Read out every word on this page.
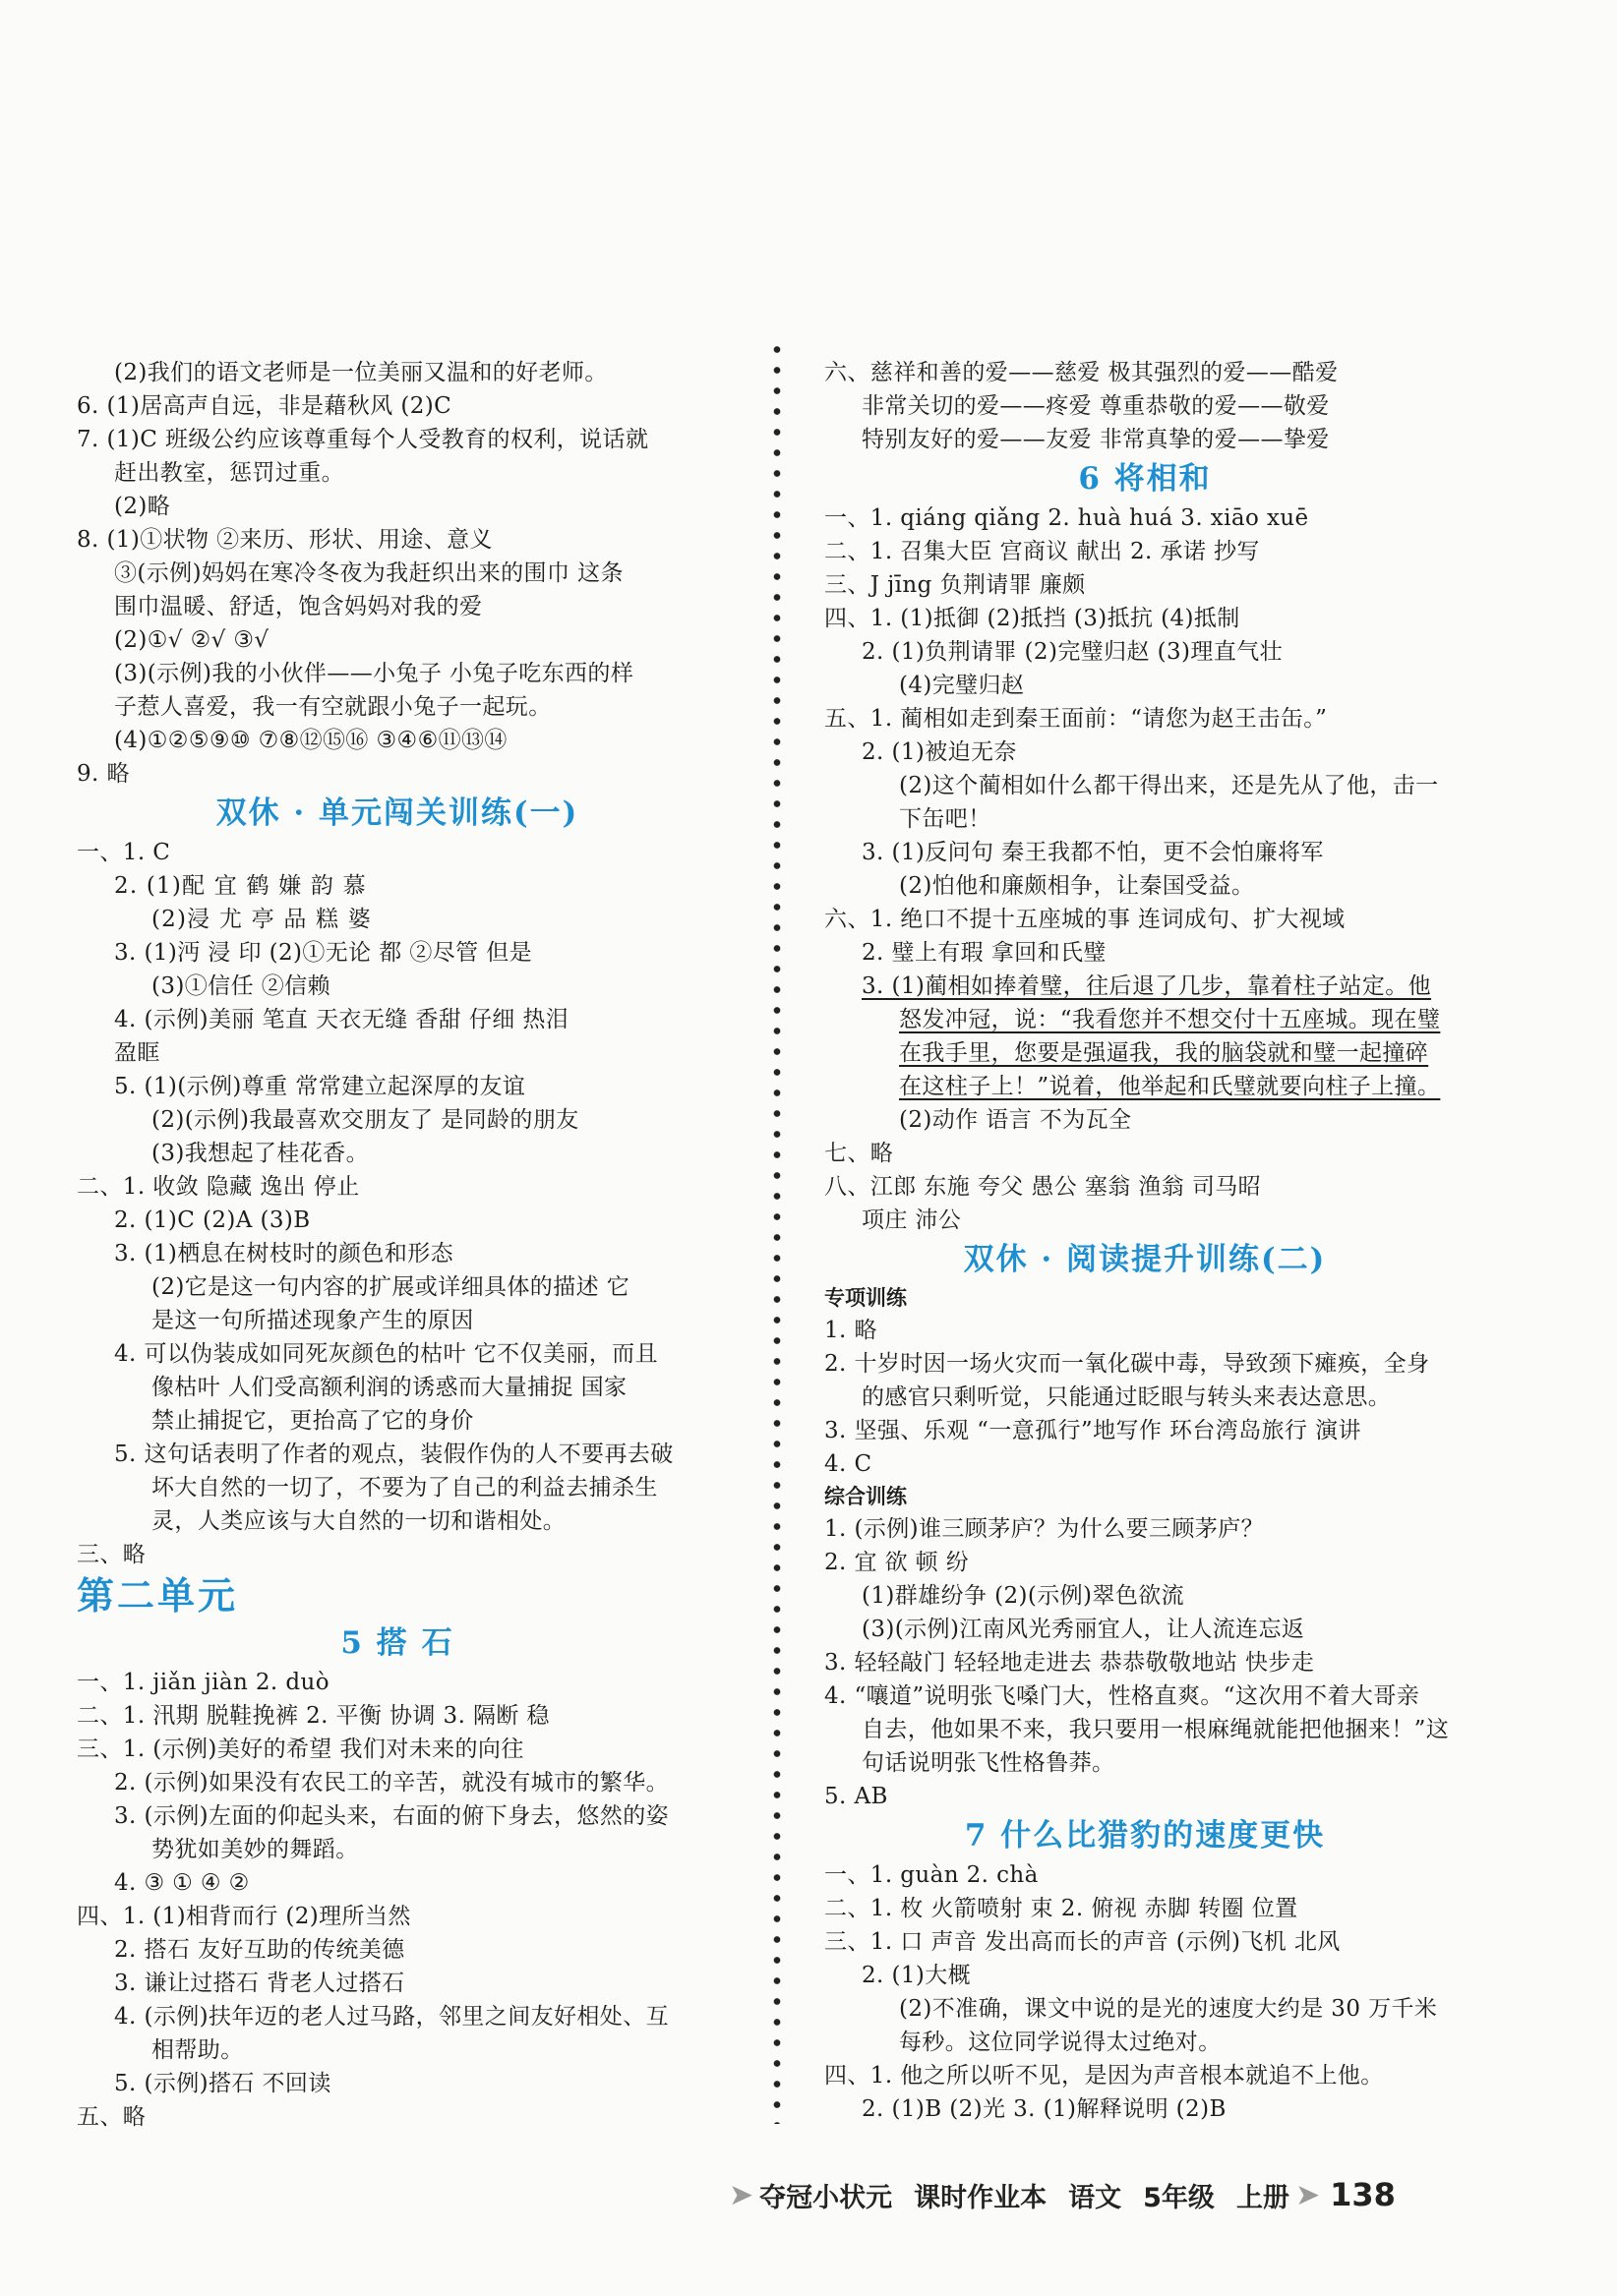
(2)我们的语文老师是一位美丽又温和的好老师。
6. (1)居高声自远，非是藉秋风 (2)C
7. (1)C 班级公约应该尊重每个人受教育的权利，说话就
赶出教室，惩罚过重。
(2)略
8. (1)①状物 ②来历、形状、用途、意义
③(示例)妈妈在寒冷冬夜为我赶织出来的围巾 这条
围巾温暖、舒适，饱含妈妈对我的爱
(2)①√ ②√ ③√
(3)(示例)我的小伙伴——小兔子 小兔子吃东西的样
子惹人喜爱，我一有空就跟小兔子一起玩。
(4)①②⑤⑨⑩ ⑦⑧⑫⑮⑯ ③④⑥⑪⑬⑭
9. 略
双休 · 单元闯关训练(一)
一、1. C
2. (1)配 宜 鹤 嫌 韵 慕
(2)浸 尤 亭 品 糕 婆
3. (1)沔 浸 印 (2)①无论 都 ②尽管 但是
(3)①信任 ②信赖
4. (示例)美丽 笔直 天衣无缝 香甜 仔细 热泪
盈眶
5. (1)(示例)尊重 常常建立起深厚的友谊
(2)(示例)我最喜欢交朋友了 是同龄的朋友
(3)我想起了桂花香。
二、1. 收敛 隐藏 逸出 停止
2. (1)C (2)A (3)B
3. (1)栖息在树枝时的颜色和形态
(2)它是这一句内容的扩展或详细具体的描述 它
是这一句所描述现象产生的原因
4. 可以伪装成如同死灰颜色的枯叶 它不仅美丽，而且
像枯叶 人们受高额利润的诱惑而大量捕捉 国家
禁止捕捉它，更抬高了它的身价
5. 这句话表明了作者的观点，装假作伪的人不要再去破
坏大自然的一切了，不要为了自己的利益去捕杀生
灵，人类应该与大自然的一切和谐相处。
三、略
第二单元
5 搭 石
一、1. jiǎn jiàn 2. duò
二、1. 汛期 脱鞋挽裤 2. 平衡 协调 3. 隔断 稳
三、1. (示例)美好的希望 我们对未来的向往
2. (示例)如果没有农民工的辛苦，就没有城市的繁华。
3. (示例)左面的仰起头来，右面的俯下身去，悠然的姿
势犹如美妙的舞蹈。
4. ③ ① ④ ②
四、1. (1)相背而行 (2)理所当然
2. 搭石 友好互助的传统美德
3. 谦让过搭石 背老人过搭石
4. (示例)扶年迈的老人过马路，邻里之间友好相处、互
相帮助。
5. (示例)搭石 不回读
五、略
六、慈祥和善的爱——慈爱 极其强烈的爱——酷爱
非常关切的爱——疼爱 尊重恭敬的爱——敬爱
特别友好的爱——友爱 非常真挚的爱——挚爱
6 将相和
一、1. qiáng qiǎng 2. huà huá 3. xiāo xuē
二、1. 召集大臣 宫商议 献出 2. 承诺 抄写
三、J jīng 负荆请罪 廉颇
四、1. (1)抵御 (2)抵挡 (3)抵抗 (4)抵制
2. (1)负荆请罪 (2)完璧归赵 (3)理直气壮
(4)完璧归赵
五、1. 蔺相如走到秦王面前：“请您为赵王击缶。”
2. (1)被迫无奈
(2)这个蔺相如什么都干得出来，还是先从了他，击一
下缶吧！
3. (1)反问句 秦王我都不怕，更不会怕廉将军
(2)怕他和廉颇相争，让秦国受益。
六、1. 绝口不提十五座城的事 连词成句、扩大视域
2. 璧上有瑕 拿回和氏璧
3. (1)蔺相如捧着璧，往后退了几步，靠着柱子站定。他
怒发冲冠，说：“我看您并不想交付十五座城。现在璧
在我手里，您要是强逼我，我的脑袋就和璧一起撞碎
在这柱子上！”说着，他举起和氏璧就要向柱子上撞。
(2)动作 语言 不为瓦全
七、略
八、江郎 东施 夸父 愚公 塞翁 渔翁 司马昭
项庄 沛公
双休 · 阅读提升训练(二)
专项训练
1. 略
2. 十岁时因一场火灾而一氧化碳中毒，导致颈下瘫痪，全身
的感官只剩听觉，只能通过眨眼与转头来表达意思。
3. 坚强、乐观 “一意孤行”地写作 环台湾岛旅行 演讲
4. C
综合训练
1. (示例)谁三顾茅庐？为什么要三顾茅庐？
2. 宜 欲 顿 纷
(1)群雄纷争 (2)(示例)翠色欲流
(3)(示例)江南风光秀丽宜人，让人流连忘返
3. 轻轻敲门 轻轻地走进去 恭恭敬敬地站 快步走
4. “嚷道”说明张飞嗓门大，性格直爽。“这次用不着大哥亲
自去，他如果不来，我只要用一根麻绳就能把他捆来！”这
句话说明张飞性格鲁莽。
5. AB
7 什么比猎豹的速度更快
一、1. guàn 2. chà
二、1. 枚 火箭喷射 束 2. 俯视 赤脚 转圈 位置
三、1. 口 声音 发出高而长的声音 (示例)飞机 北风
2. (1)大概
(2)不准确，课文中说的是光的速度大约是 30 万千米
每秒。这位同学说得太过绝对。
四、1. 他之所以听不见，是因为声音根本就追不上他。
2. (1)B (2)光 3. (1)解释说明 (2)B
➤ 夺冠小状元 课时作业本 语文 5年级 上册 ➤ 138
